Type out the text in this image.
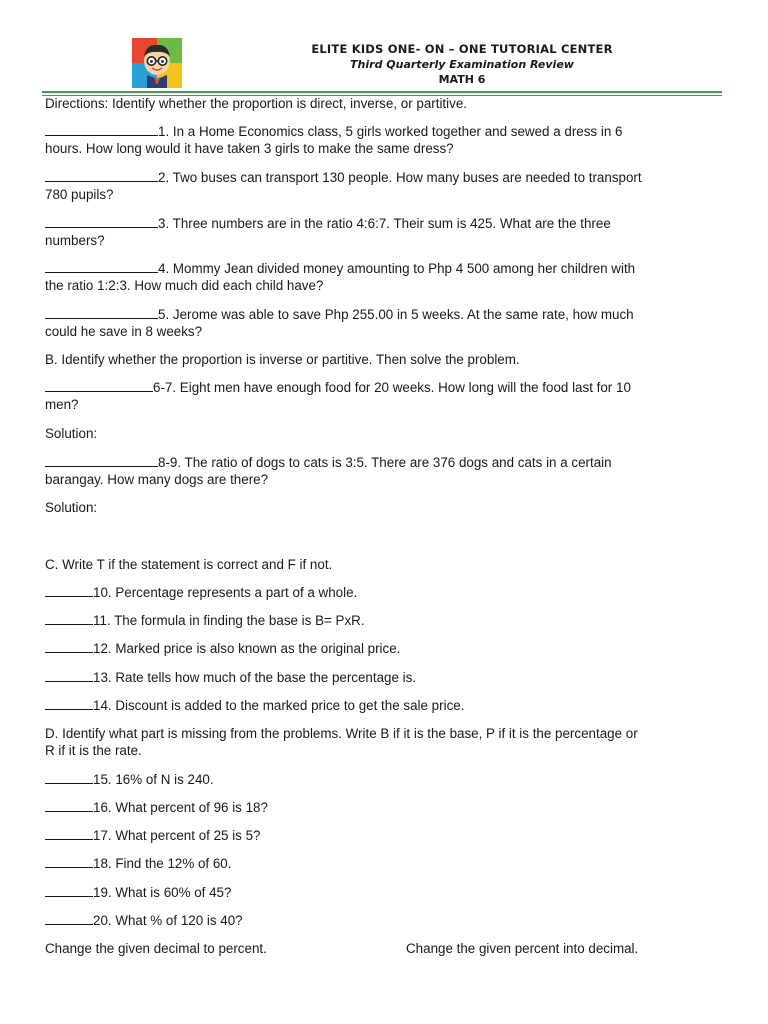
ELITE KIDS ONE- ON – ONE TUTORIAL CENTER
Third Quarterly Examination Review
MATH 6
Directions: Identify whether the proportion is direct, inverse, or partitive.
1. In a Home Economics class, 5 girls worked together and sewed a dress in 6
hours. How long would it have taken 3 girls to make the same dress?
2. Two buses can transport 130 people. How many buses are needed to transport
780 pupils?
3. Three numbers are in the ratio 4:6:7. Their sum is 425. What are the three
numbers?
4. Mommy Jean divided money amounting to Php 4 500 among her children with
the ratio 1:2:3. How much did each child have?
5. Jerome was able to save Php 255.00 in 5 weeks. At the same rate, how much
could he save in 8 weeks?
B. Identify whether the proportion is inverse or partitive. Then solve the problem.
6-7. Eight men have enough food for 20 weeks. How long will the food last for 10
men?
Solution:
8-9. The ratio of dogs to cats is 3:5. There are 376 dogs and cats in a certain
barangay. How many dogs are there?
Solution:
C. Write T if the statement is correct and F if not.
10. Percentage represents a part of a whole.
11. The formula in finding the base is B= PxR.
12. Marked price is also known as the original price.
13. Rate tells how much of the base the percentage is.
14. Discount is added to the marked price to get the sale price.
D. Identify what part is missing from the problems. Write B if it is the base, P if it is the percentage or
R if it is the rate.
15. 16% of N is 240.
16. What percent of 96 is 18?
17. What percent of 25 is 5?
18. Find the 12% of 60.
19. What is 60% of 45?
20. What % of 120 is 40?
Change the given decimal to percent.	Change the given percent into decimal.
